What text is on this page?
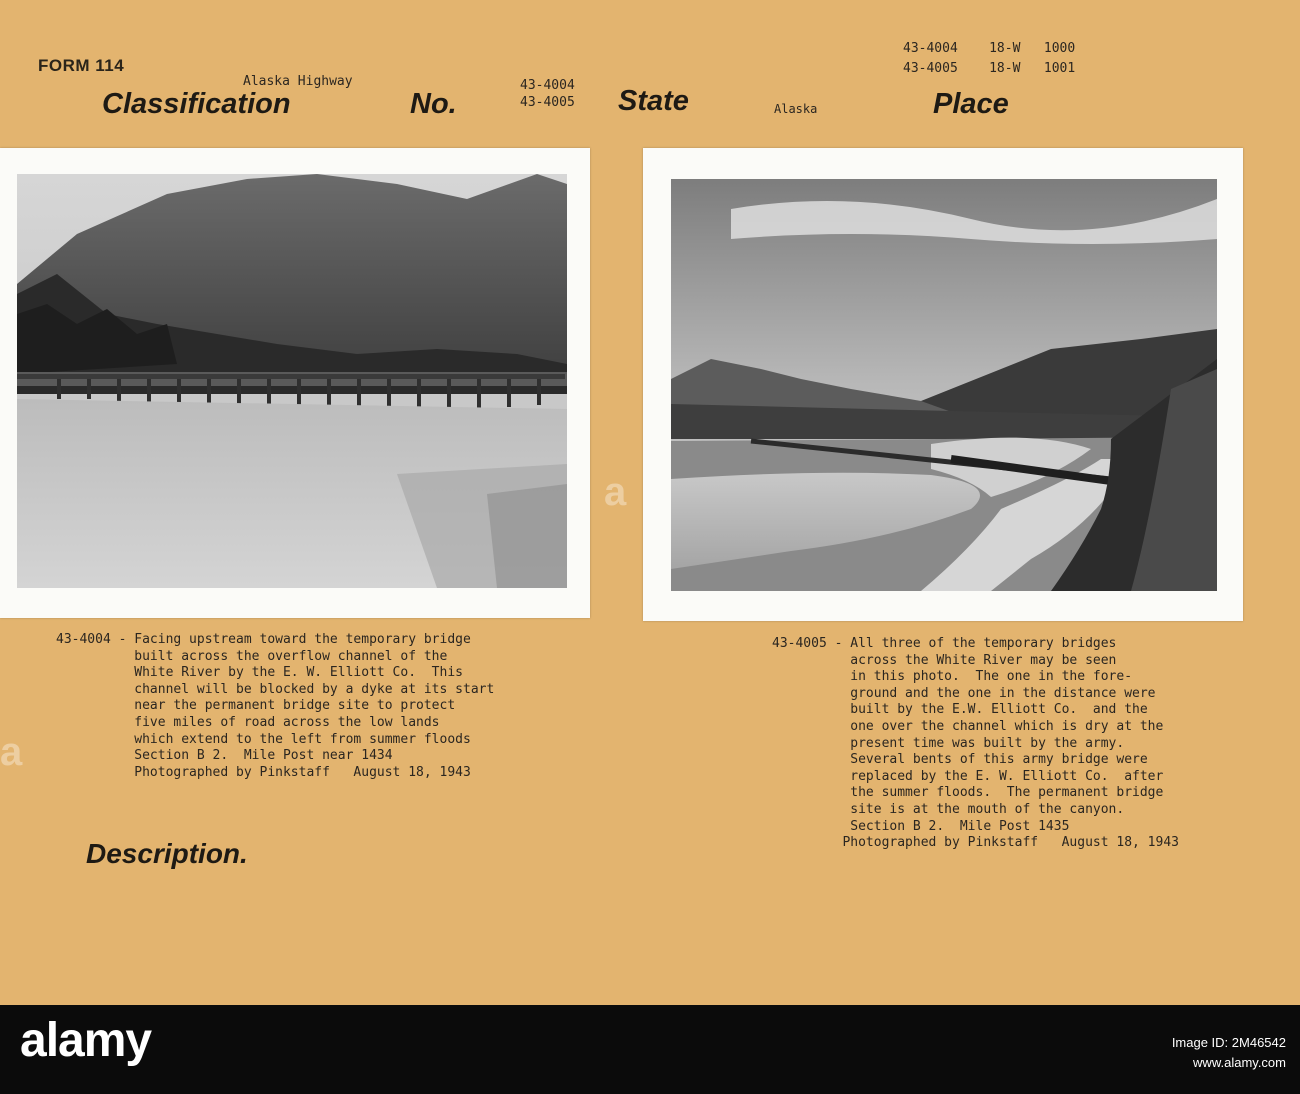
FORM 114
Classification
Alaska Highway
No.
43-4004
43-4005 State	Alaska	Place
43-4004    18-W   1000
43-4005    18-W   1001
43-4004 - Facing upstream toward the temporary bridge
built across the overflow channel of the
White River by the E. W. Elliott Co.  This
channel will be blocked by a dyke at its start
near the permanent bridge site to protect
five miles of road across the low lands
which extend to the left from summer floods
Section B 2.  Mile Post near 1434
Photographed by Pinkstaff   August 18, 1943
43-4005 - All three of the temporary bridges
across the White River may be seen
in this photo.  The one in the fore-
ground and the one in the distance were
built by the E.W. Elliott Co.  and the
one over the channel which is dry at the
present time was built by the army.
Several bents of this army bridge were
replaced by the E. W. Elliott Co.  after
the summer floods.  The permanent bridge
site is at the mouth of the canyon.
Section B 2.  Mile Post 1435
Photographed by Pinkstaff   August 18, 1943
Description.
a
a
alamy	Image ID: 2M46542
www.alamy.com
